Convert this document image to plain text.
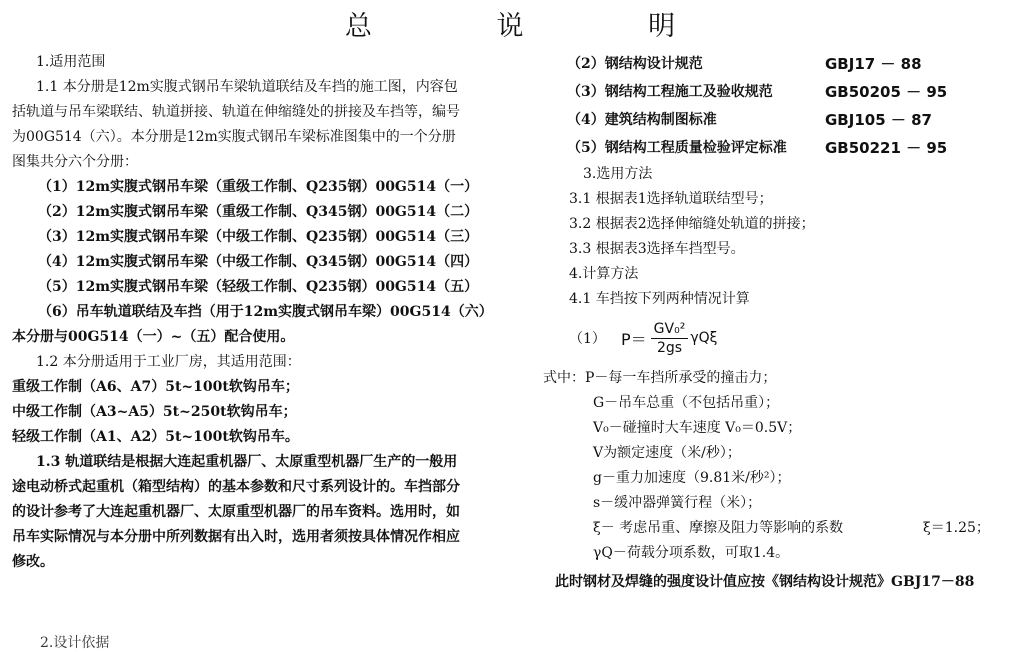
总 说 明
1.适用范围
1.1 本分册是12m实腹式钢吊车梁轨道联结及车挡的施工图，内容包
括轨道与吊车梁联结、轨道拼接、轨道在伸缩缝处的拼接及车挡等，编号
为00G514（六）。本分册是12m实腹式钢吊车梁标准图集中的一个分册
图集共分六个分册：
（1）12m实腹式钢吊车梁（重级工作制、Q235钢）00G514（一）
（2）12m实腹式钢吊车梁（重级工作制、Q345钢）00G514（二）
（3）12m实腹式钢吊车梁（中级工作制、Q235钢）00G514（三）
（4）12m实腹式钢吊车梁（中级工作制、Q345钢）00G514（四）
（5）12m实腹式钢吊车梁（轻级工作制、Q235钢）00G514（五）
（6）吊车轨道联结及车挡（用于12m实腹式钢吊车梁）00G514（六）
本分册与00G514（一）~（五）配合使用。
1.2 本分册适用于工业厂房，其适用范围：
重级工作制（A6、A7）5t~100t软钩吊车；
中级工作制（A3~A5）5t~250t软钩吊车；
轻级工作制（A1、A2）5t~100t软钩吊车。
1.3 轨道联结是根据大连起重机器厂、太原重型机器厂生产的一般用
途电动桥式起重机（箱型结构）的基本参数和尺寸系列设计的。车挡部分
的设计参考了大连起重机器厂、太原重型机器厂的吊车资料。选用时，如
吊车实际情况与本分册中所列数据有出入时，选用者须按具体情况作相应
修改。
2.设计依据
（2）钢结构设计规范	GBJ17 － 88
（3）钢结构工程施工及验收规范	GB50205 － 95
（4）建筑结构制图标准	GBJ105 － 87
（5）钢结构工程质量检验评定标准	GB50221 － 95
3.选用方法
3.1 根据表1选择轨道联结型号；
3.2 根据表2选择伸缩缝处轨道的拼接；
3.3 根据表3选择车挡型号。
4.计算方法
4.1 车挡按下列两种情况计算
（1） $P= \frac{\text{GV₀²}}{2gs}$ γQξ
式中：P－每一车挡所承受的撞击力；
G－吊车总重（不包括吊重）；
V₀－碰撞时大车速度 V₀＝0.5V；
V为额定速度（米/秒）；
g－重力加速度（9.81米/秒²）；
s－缓冲器弹簧行程（米）；
ξ－ 考虑吊重、摩擦及阻力等影响的系数	ξ＝1.25；
γQ－荷载分项系数，可取1.4。
此时钢材及焊缝的强度设计值应按《钢结构设计规范》GBJ17－88
